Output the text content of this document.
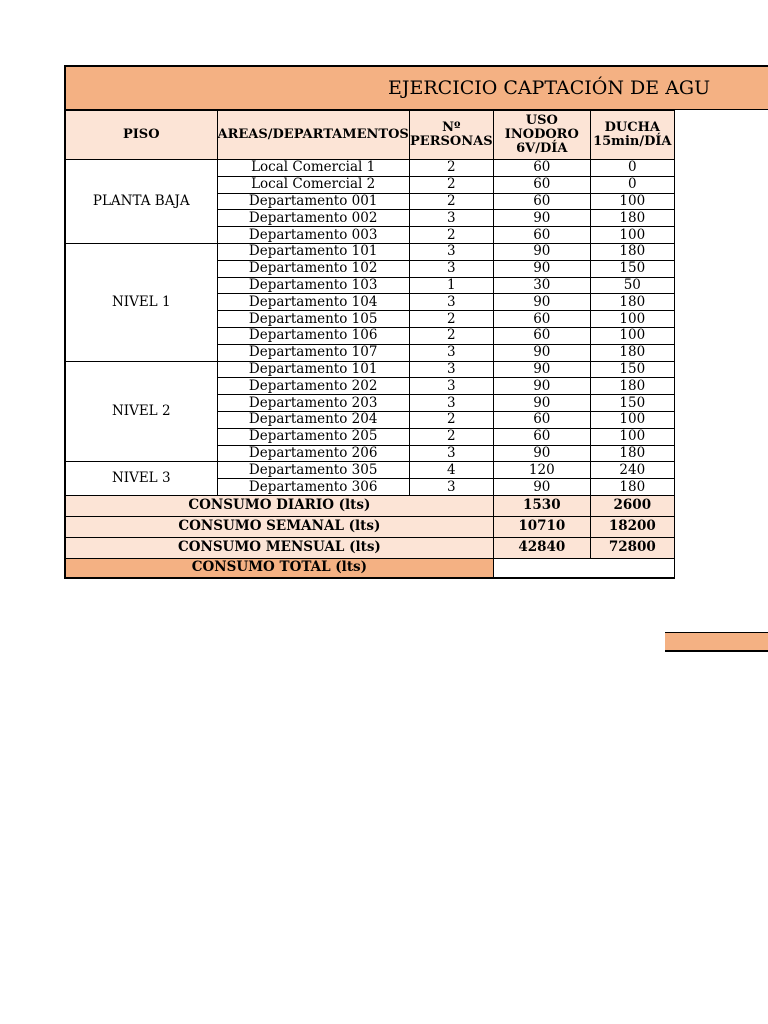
EJERCICIO CAPTACIÓN DE AGU
PISO	AREAS/DEPARTAMENTOS	Nº PERSONAS	USO INODORO 6V/DÍA	DUCHA 15min/DÍA
PLANTA BAJA	Local Comercial 1	2	60	0
	Local Comercial 2	2	60	0
	Departamento 001	2	60	100
	Departamento 002	3	90	180
	Departamento 003	2	60	100
NIVEL 1	Departamento 101	3	90	180
	Departamento 102	3	90	150
	Departamento 103	1	30	50
	Departamento 104	3	90	180
	Departamento 105	2	60	100
	Departamento 106	2	60	100
	Departamento 107	3	90	180
NIVEL 2	Departamento 101	3	90	150
	Departamento 202	3	90	180
	Departamento 203	3	90	150
	Departamento 204	2	60	100
	Departamento 205	2	60	100
	Departamento 206	3	90	180
NIVEL 3	Departamento 305	4	120	240
	Departamento 306	3	90	180
CONSUMO DIARIO (lts)			1530	2600
CONSUMO SEMANAL (lts)			10710	18200
CONSUMO MENSUAL (lts)			42840	72800
CONSUMO TOTAL (lts)				
